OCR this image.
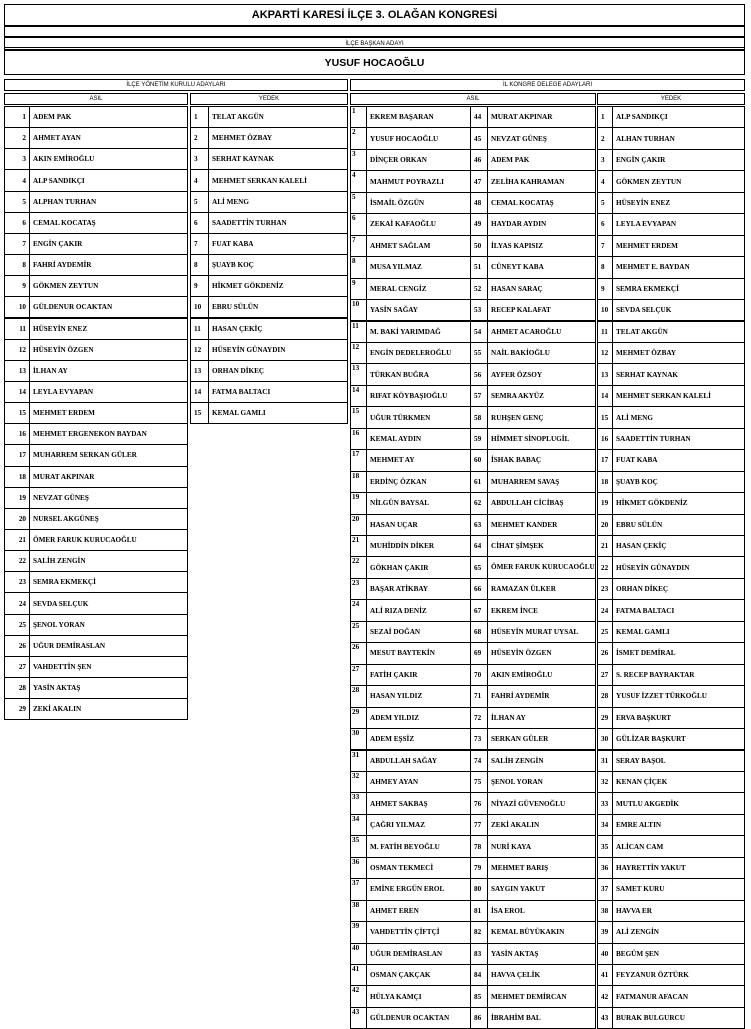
AKPARTİ KARESİ İLÇE 3. OLAĞAN KONGRESİ
İLÇE BAŞKAN ADAYI
YUSUF HOCAOĞLU
İLÇE YÖNETİM KURULU ADAYLARI	İL KONGRE DELEGE ADAYLARI
ASIL	YEDEK	ASIL	YEDEK
1 ADEM PAK
2 AHMET AYAN
3 AKIN EMİROĞLU
4 ALP SANDIKÇI
5 ALPHAN TURHAN
6 CEMAL KOCATAŞ
7 ENGİN ÇAKIR
8 FAHRİ AYDEMİR
9 GÖKMEN ZEYTUN
10 GÜLDENUR OCAKTAN
11 HÜSEYİN ENEZ
12 HÜSEYİN ÖZGEN
13 İLHAN AY
14 LEYLA EVYAPAN
15 MEHMET ERDEM
16 MEHMET ERGENEKON BAYDAN
17 MUHARREM SERKAN GÜLER
18 MURAT AKPINAR
19 NEVZAT GÜNEŞ
20 NURSEL AKGÜNEŞ
21 ÖMER FARUK KURUCAOĞLU
22 SALİH ZENGİN
23 SEMRA EKMEKÇİ
24 SEVDA SELÇUK
25 ŞENOL YORAN
26 UĞUR DEMİRASLAN
27 VAHDETTİN ŞEN
28 YASİN AKTAŞ
29 ZEKİ AKALIN
1	TELAT AKGÜN
2	MEHMET ÖZBAY
3	SERHAT KAYNAK
4	MEHMET SERKAN KALELİ
5	ALİ MENG
6	SAADETTİN TURHAN
7	FUAT KABA
8	ŞUAYB KOÇ
9	HİKMET GÖKDENİZ
10	EBRU SÜLÜN
11	HASAN ÇEKİÇ
12	HÜSEYİN GÜNAYDIN
13	ORHAN DİKEÇ
14	FATMA BALTACI
15	KEMAL GAMLI
1
EKREM BAŞARAN
2
YUSUF HOCAOĞLU
3
DİNÇER ORKAN
4
MAHMUT POYRAZLI
5
İSMAİL ÖZGÜN
6
ZEKAİ KAFAOĞLU
7
AHMET SAĞLAM
8
MUSA YILMAZ
9
MERAL CENGİZ
10
YASİN SAĞAY
11
M. BAKİ YARIMDAĞ
12
ENGİN DEDELEROĞLU
13
TÜRKAN BUĞRA
14
RIFAT KÖYBAŞIOĞLU
15
UĞUR TÜRKMEN
16
KEMAL AYDIN
17
MEHMET AY
18
ERDİNÇ ÖZKAN
19
NİLGÜN BAYSAL
20
HASAN UÇAR
21
MUHİDDİN DİKER
22
GÖKHAN ÇAKIR
23
BAŞAR ATİKBAY
24
ALİ RIZA DENİZ
25
SEZAİ DOĞAN
26
MESUT BAYTEKİN
27
FATİH ÇAKIR
28
HASAN YILDIZ
29
ADEM YILDIZ
30
ADEM EŞSİZ
31
ABDULLAH SAĞAY
32
AHMEY AYAN
33
AHMET SAKBAŞ
34
ÇAĞRI YILMAZ
35
M. FATİH BEYOĞLU
36
OSMAN TEKMECİ
37
EMİNE ERGÜN EROL
38
AHMET EREN
39
VAHDETTİN ÇİFTÇİ
40
UĞUR DEMİRASLAN
41
OSMAN ÇAKÇAK
42
HÜLYA KAMÇI
43
GÜLDENUR OCAKTAN
44	MURAT AKPINAR
45	NEVZAT GÜNEŞ
46	ADEM PAK
47	ZELİHA KAHRAMAN
48	CEMAL KOCATAŞ
49	HAYDAR AYDIN
50	İLYAS KAPISIZ
51	CÜNEYT KABA
52	HASAN SARAÇ
53	RECEP KALAFAT
54	AHMET ACAROĞLU
55	NAİL BAKİOĞLU
56	AYFER ÖZSOY
57	SEMRA AKYÜZ
58	RUHŞEN GENÇ
59	HİMMET SİNOPLUGİL
60	İSHAK BABAÇ
61	MUHARREM SAVAŞ
62	ABDULLAH CİCİBAŞ
63	MEHMET KANDER
64	CİHAT ŞİMŞEK
65	ÖMER FARUK KURUCAOĞLU
66	RAMAZAN ÜLKER
67	EKREM İNCE
68	HÜSEYİN MURAT UYSAL
69	HÜSEYİN ÖZGEN
70	AKIN EMİROĞLU
71	FAHRİ AYDEMİR
72	İLHAN AY
73	SERKAN GÜLER
74	SALİH ZENGİN
75	ŞENOL YORAN
76	NİYAZİ GÜVENOĞLU
77	ZEKİ AKALIN
78	NURİ KAYA
79	MEHMET BARIŞ
80	SAYGIN YAKUT
81	İSA EROL
82	KEMAL BÜYÜKAKIN
83	YASİN AKTAŞ
84	HAVVA ÇELİK
85	MEHMET DEMİRCAN
86	İBRAHİM BAL
1	ALP SANDIKÇI
2	ALHAN TURHAN
3	ENGİN ÇAKIR
4	GÖKMEN ZEYTUN
5	HÜSEYİN ENEZ
6	LEYLA EVYAPAN
7	MEHMET ERDEM
8	MEHMET E. BAYDAN
9	SEMRA EKMEKÇİ
10	SEVDA SELÇUK
11	TELAT AKGÜN
12	MEHMET ÖZBAY
13	SERHAT KAYNAK
14	MEHMET SERKAN KALELİ
15	ALİ MENG
16	SAADETTİN TURHAN
17	FUAT KABA
18	ŞUAYB KOÇ
19	HİKMET GÖKDENİZ
20	EBRU SÜLÜN
21	HASAN ÇEKİÇ
22	HÜSEYİN GÜNAYDIN
23	ORHAN DİKEÇ
24	FATMA BALTACI
25	KEMAL GAMLI
26	İSMET DEMİRAL
27	S. RECEP BAYRAKTAR
28	YUSUF İZZET TÜRKOĞLU
29	ERVA BAŞKURT
30	GÜLİZAR BAŞKURT
31	SERAY BAŞOL
32	KENAN ÇİÇEK
33	MUTLU AKGEDİK
34	EMRE ALTIN
35	ALİCAN CAM
36	HAYRETTİN YAKUT
37	SAMET KURU
38	HAVVA ER
39	ALİ ZENGİN
40	BEGÜM ŞEN
41	FEYZANUR ÖZTÜRK
42	FATMANUR AFACAN
43	BURAK BULGURCU
